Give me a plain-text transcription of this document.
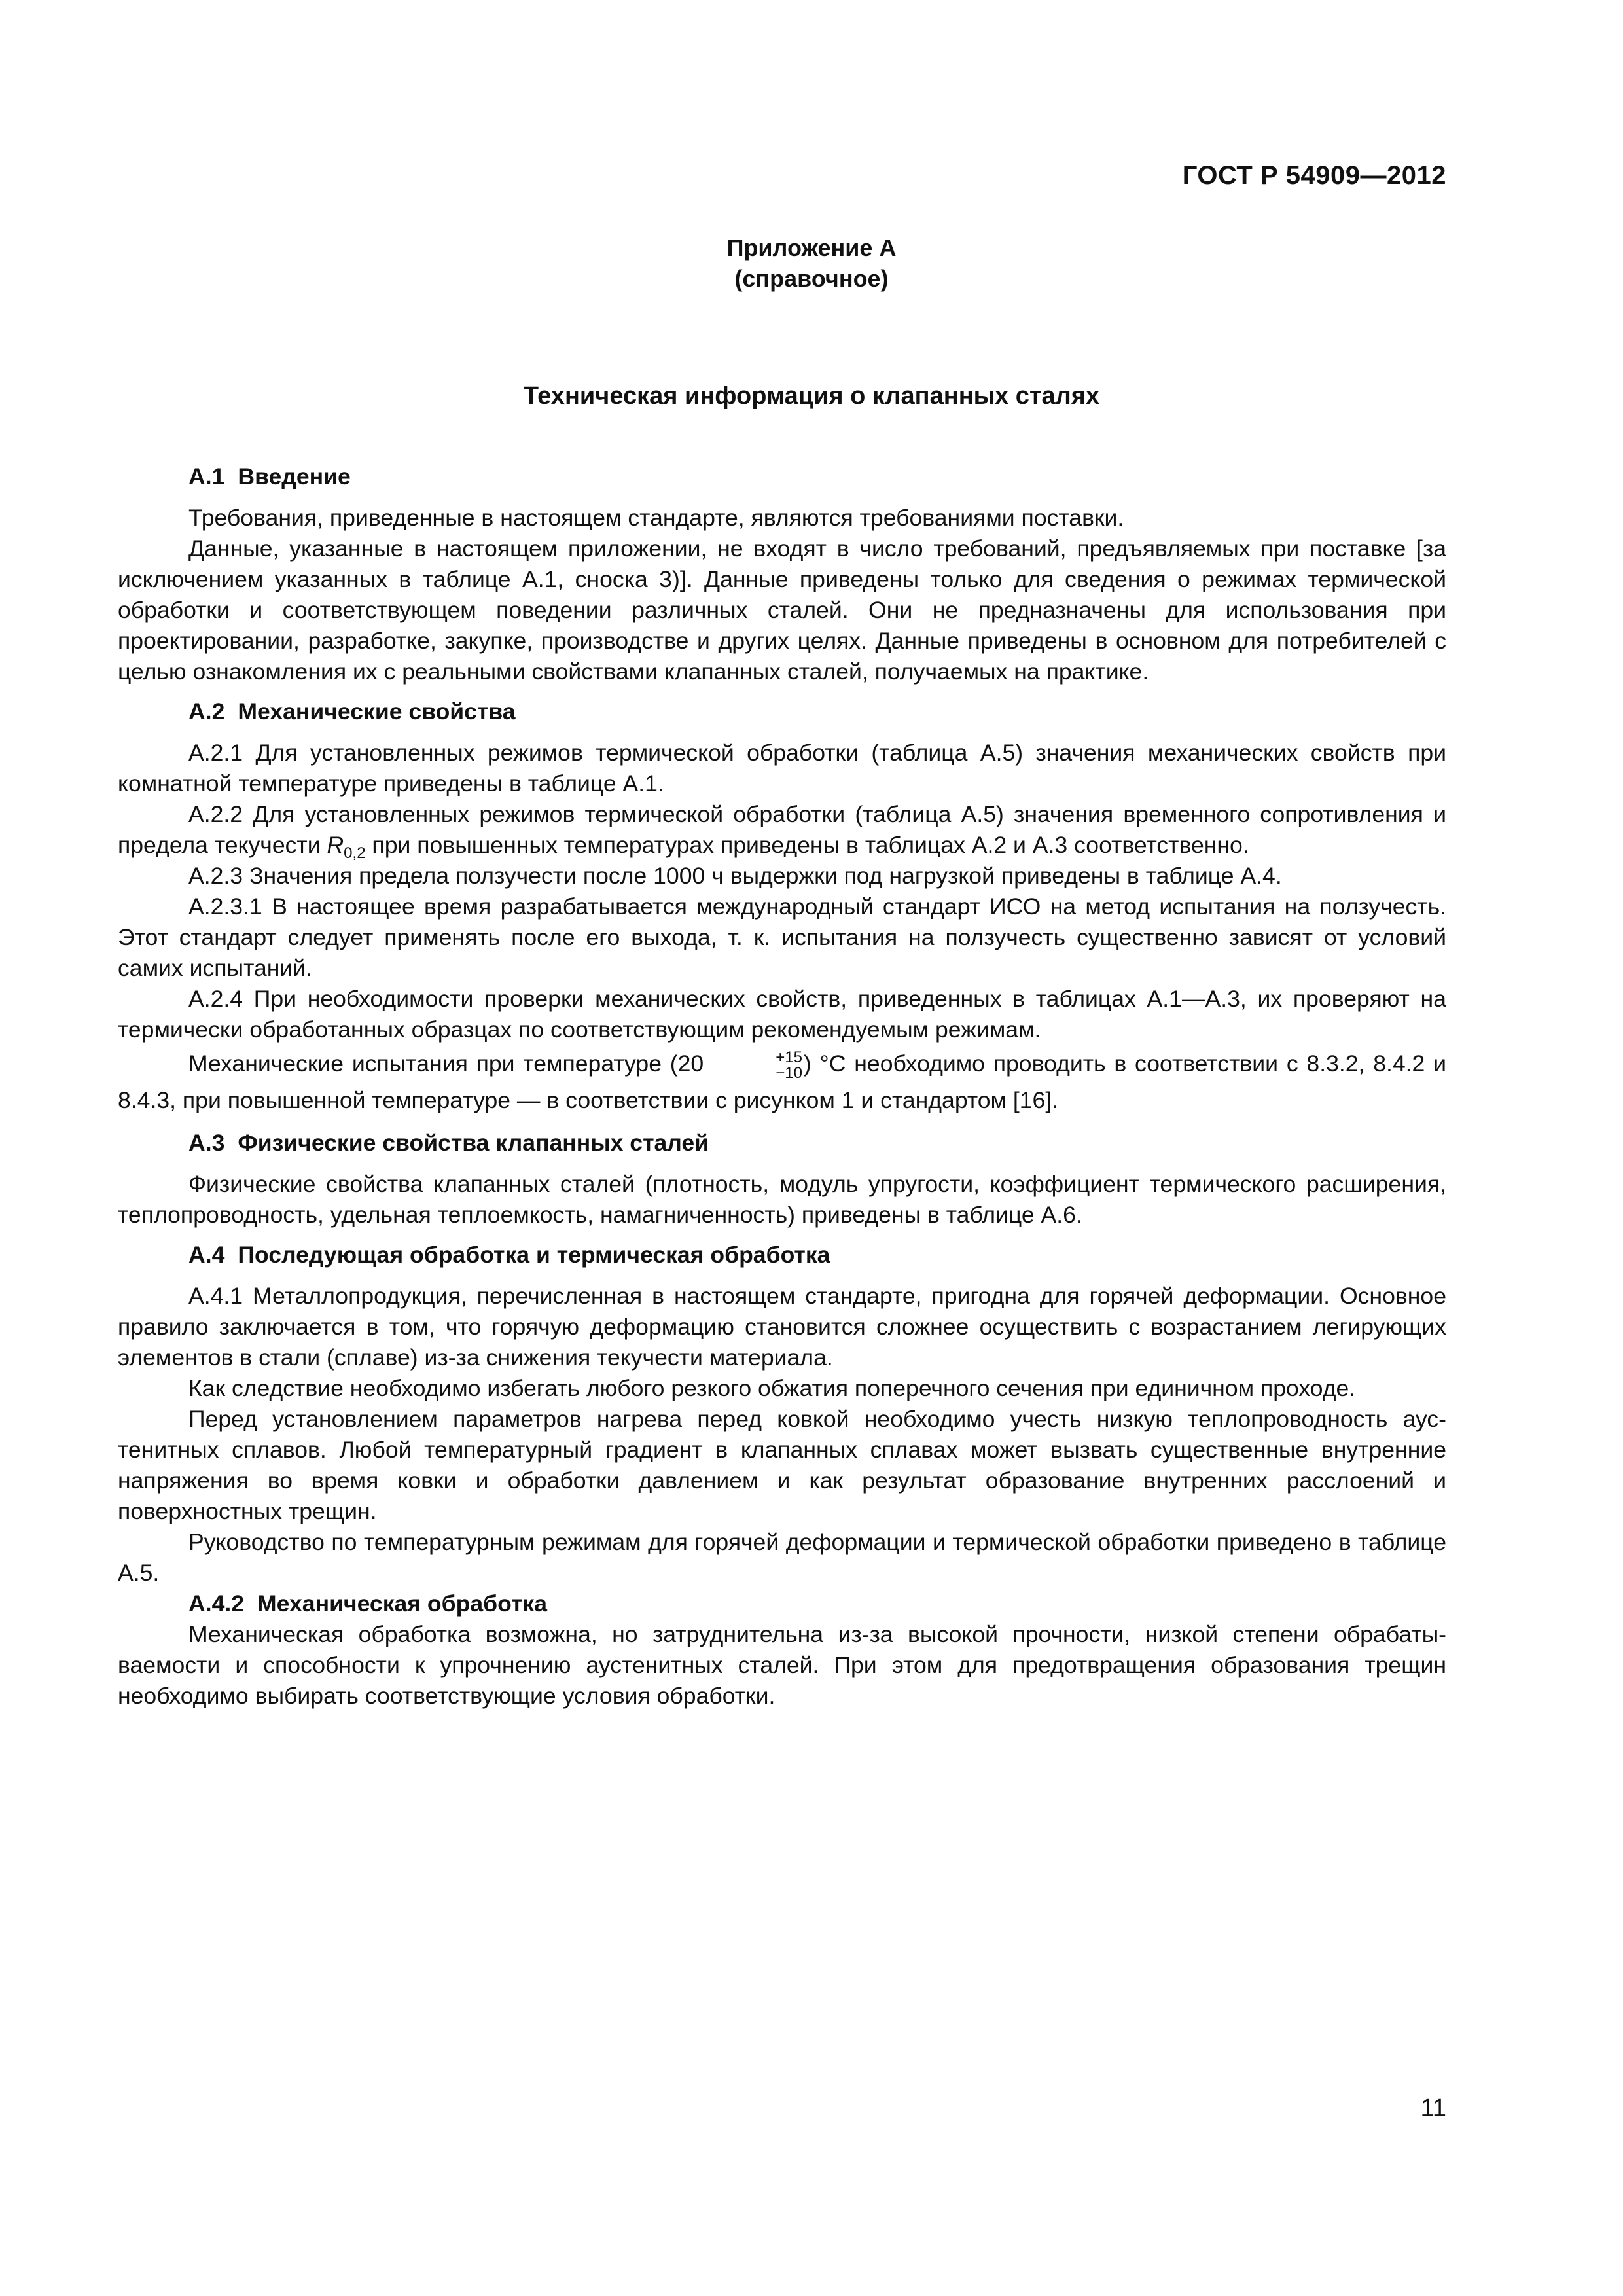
ГОСТ Р 54909—2012
Приложение А
(справочное)
Техническая информация о клапанных сталях
А.1 Введение

Требования, приведенные в настоящем стандарте, являются требованиями поставки.

Данные, указанные в настоящем приложении, не входят в число требований, предъявляемых при поставке [за исключением указанных в таблице А.1, сноска 3)]. Данные приведены только для сведения о режимах термической обработки и соответствующем поведении различных сталей. Они не предназначены для использования при проектировании, разработке, закупке, производстве и других целях. Данные приведены в основном для потребителей с целью ознакомления их с реальными свойствами клапанных сталей, получаемых на практике.

А.2 Механические свойства

А.2.1 Для установленных режимов термической обработки (таблица А.5) значения механических свойств при комнатной температуре приведены в таблице А.1.

А.2.2 Для установленных режимов термической обработки (таблица А.5) значения временного сопротивления и предела текучести $R_{0,2}$ при повышенных температурах приведены в таблицах А.2 и А.3 соответственно.

А.2.3 Значения предела ползучести после 1000 ч выдержки под нагрузкой приведены в таблице А.4.

А.2.3.1 В настоящее время разрабатывается международный стандарт ИСО на метод испытания на ползучесть. Этот стандарт следует применять после его выхода, т. к. испытания на ползучесть существенно зависят от условий самих испытаний.

А.2.4 При необходимости проверки механических свойств, приведенных в таблицах А.1—А.3, их проверяют на термически обработанных образцах по соответствующим рекомендуемым режимам.

Механические испытания при температуре (20	+15
−10 ) °С необходимо проводить в соответствии с 8.3.2, 8.4.2 и 8.4.3, при повышенной температуре — в соответствии с рисунком 1 и стандартом [16].

А.3 Физические свойства клапанных сталей

Физические свойства клапанных сталей (плотность, модуль упругости, коэффициент термического расширения, теплопроводность, удельная теплоемкость, намагниченность) приведены в таблице А.6.

А.4 Последующая обработка и термическая обработка

А.4.1 Металлопродукция, перечисленная в настоящем стандарте, пригодна для горячей деформации. Основное правило заключается в том, что горячую деформацию становится сложнее осуществить с возрастанием легирующих элементов в стали (сплаве) из-за снижения текучести материала.

Как следствие необходимо избегать любого резкого обжатия поперечного сечения при единичном проходе.

Перед установлением параметров нагрева перед ковкой необходимо учесть низкую теплопроводность аустенитных сплавов. Любой температурный градиент в клапанных сплавах может вызвать существенные внутренние напряжения во время ковки и обработки давлением и как результат образование внутренних расслоений и поверхностных трещин.

Руководство по температурным режимам для горячей деформации и термической обработки приведено в таблице А.5.

А.4.2 Механическая обработка

Механическая обработка возможна, но затруднительна из-за высокой прочности, низкой степени обрабатываемости и способности к упрочнению аустенитных сталей. При этом для предотвращения образования трещин необходимо выбирать соответствующие условия обработки.

11
